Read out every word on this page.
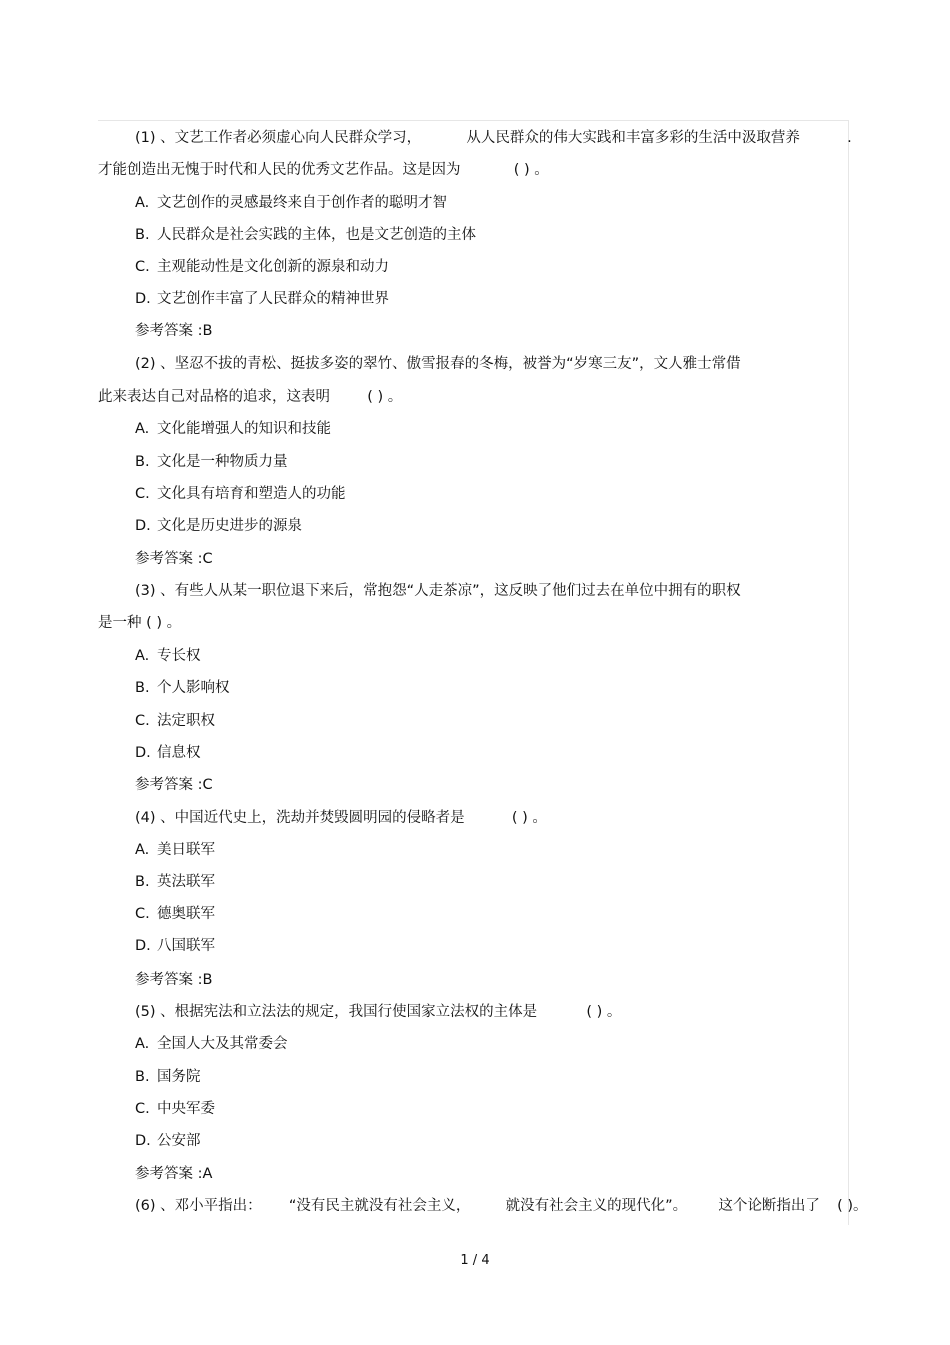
(1) 、文艺工作者必须虚心向人民群众学习，	从人民群众的伟大实践和丰富多彩的生活中汲取营养	.
才能创造出无愧于时代和人民的优秀文艺作品。这是因为	( ) 。
A. 文艺创作的灵感最终来自于创作者的聪明才智
B. 人民群众是社会实践的主体，也是文艺创造的主体
C. 主观能动性是文化创新的源泉和动力
D. 文艺创作丰富了人民群众的精神世界
参考答案 :B
(2) 、坚忍不拔的青松、挺拔多姿的翠竹、傲雪报春的冬梅，被誉为“岁寒三友”，文人雅士常借
此来表达自己对品格的追求，这表明	( ) 。
A. 文化能增强人的知识和技能
B. 文化是一种物质力量
C. 文化具有培育和塑造人的功能
D. 文化是历史进步的源泉
参考答案 :C
(3) 、有些人从某一职位退下来后，常抱怨“人走茶凉”，这反映了他们过去在单位中拥有的职权
是一种 ( ) 。
A. 专长权
B. 个人影响权
C. 法定职权
D. 信息权
参考答案 :C
(4) 、中国近代史上，洗劫并焚毁圆明园的侵略者是	( ) 。
A. 美日联军
B. 英法联军
C. 德奥联军
D. 八国联军
参考答案 :B
(5) 、根据宪法和立法法的规定，我国行使国家立法权的主体是	( ) 。
A. 全国人大及其常委会
B. 国务院
C. 中央军委
D. 公安部
参考答案 :A
(6) 、邓小平指出： “没有民主就没有社会主义， 就没有社会主义的现代化”。 这个论断指出了 ( )。
1 / 4
